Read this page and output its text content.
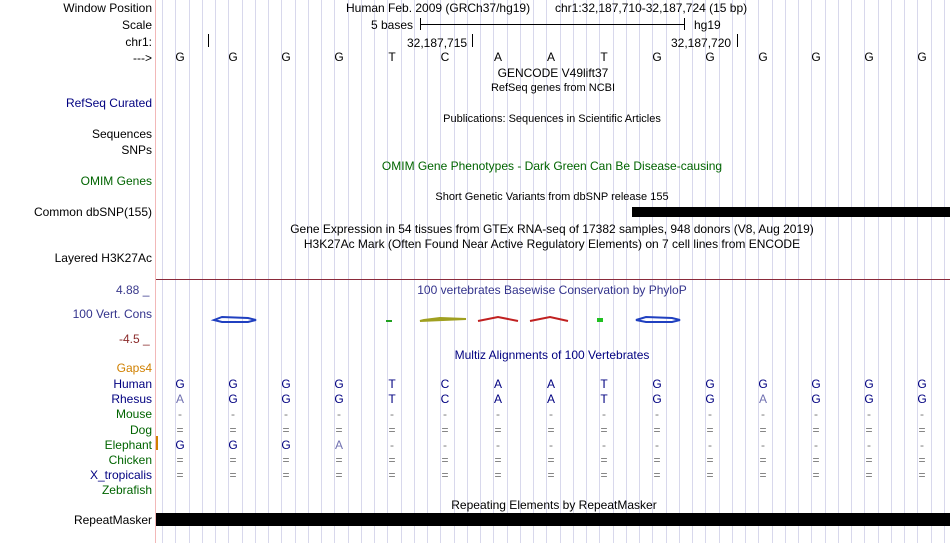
Window Position
Scale
chr1:
--->
Human Feb. 2009 (GRCh37/hg19) chr1:32,187,710-32,187,724 (15 bp)
5 bases	hg19
32,187,715	32,187,720
G	G	G	G	T	C	A	A	T	G	G	G	G	G	G
GENCODE V49lift37
RefSeq genes from NCBI
RefSeq Curated
Publications: Sequences in Scientific Articles
Sequences
SNPs
OMIM Gene Phenotypes - Dark Green Can Be Disease-causing
OMIM Genes
Short Genetic Variants from dbSNP release 155
Common dbSNP(155)
Gene Expression in 54 tissues from GTEx RNA-seq of 17382 samples, 948 donors (V8, Aug 2019)
H3K27Ac Mark (Often Found Near Active Regulatory Elements) on 7 cell lines from ENCODE
Layered H3K27Ac
4.88 _	100 vertebrates Basewise Conservation by PhyloP
100 Vert. Cons
-4.5 _
Gaps4
Multiz Alignments of 100 Vertebrates
Human	G	G	G	G	T	C	A	A	T	G	G	G	G	G	G
Rhesus	A	G	G	G	T	C	A	A	T	G	G	A	G	G	G
Mouse	-	-	-	-	-	-	-	-	-	-	-	-	-	-	-
Dog	=	=	=	=	=	=	=	=	=	=	=	=	=	=	=
Elephant	G	G	G	A	-	-	-	-	-	-	-	-	-	-	-
Chicken	=	=	=	=	=	=	=	=	=	=	=	=	=	=	=
X_tropicalis	=	=	=	=	=	=	=	=	=	=	=	=	=	=	=
Zebrafish
Repeating Elements by RepeatMasker
RepeatMasker
